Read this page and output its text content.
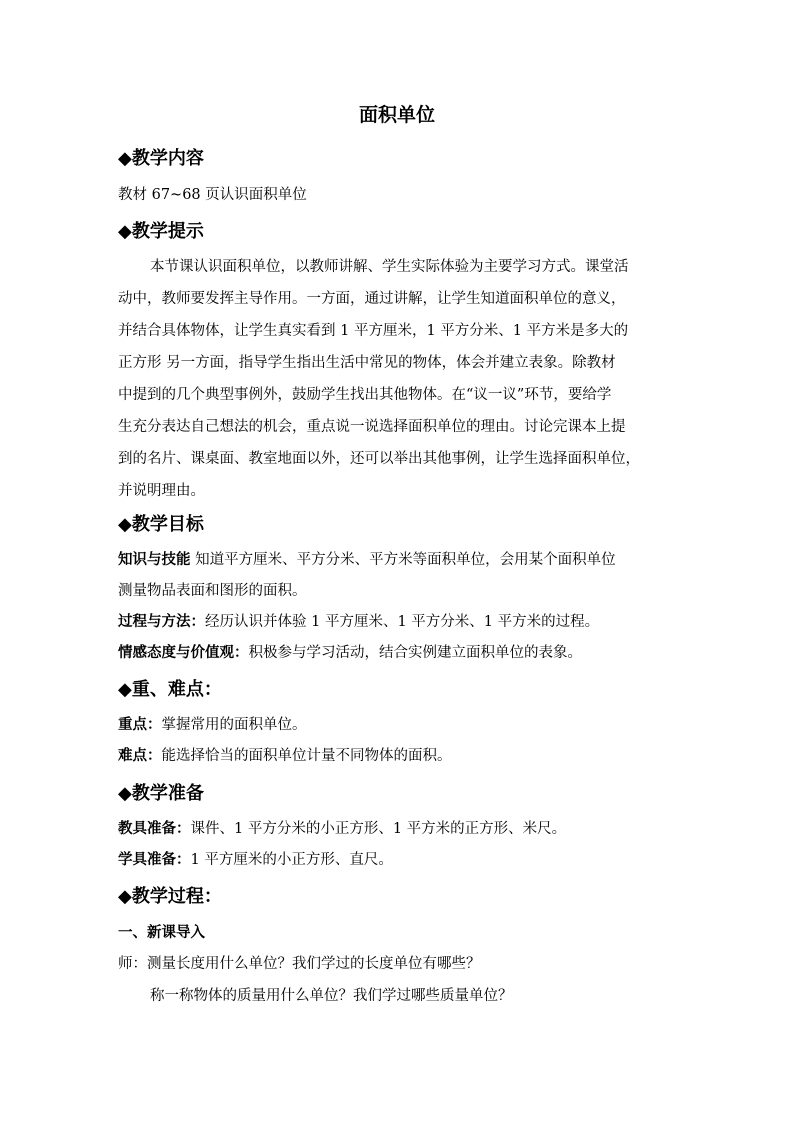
面积单位
◆教学内容
教材 67~68 页认识面积单位
◆教学提示
本节课认识面积单位，以教师讲解、学生实际体验为主要学习方式。课堂活
动中，教师要发挥主导作用。一方面，通过讲解，让学生知道面积单位的意义，
并结合具体物体，让学生真实看到 1 平方厘米，1 平方分米、1 平方米是多大的
正方形 另一方面，指导学生指出生活中常见的物体，体会并建立表象。除教材
中提到的几个典型事例外，鼓励学生找出其他物体。在“议一议”环节，要给学
生充分表达自己想法的机会，重点说一说选择面积单位的理由。讨论完课本上提
到的名片、课桌面、教室地面以外，还可以举出其他事例，让学生选择面积单位，
并说明理由。
◆教学目标
知识与技能 知道平方厘米、平方分米、平方米等面积单位，会用某个面积单位
测量物品表面和图形的面积。
过程与方法：经历认识并体验 1 平方厘米、1 平方分米、1 平方米的过程。
情感态度与价值观：积极参与学习活动，结合实例建立面积单位的表象。
◆重、难点：
重点：掌握常用的面积单位。
难点：能选择恰当的面积单位计量不同物体的面积。
◆教学准备
教具准备：课件、1 平方分米的小正方形、1 平方米的正方形、米尺。
学具准备：1 平方厘米的小正方形、直尺。
◆教学过程：
一、新课导入
师：测量长度用什么单位？我们学过的长度单位有哪些？
称一称物体的质量用什么单位？我们学过哪些质量单位？
